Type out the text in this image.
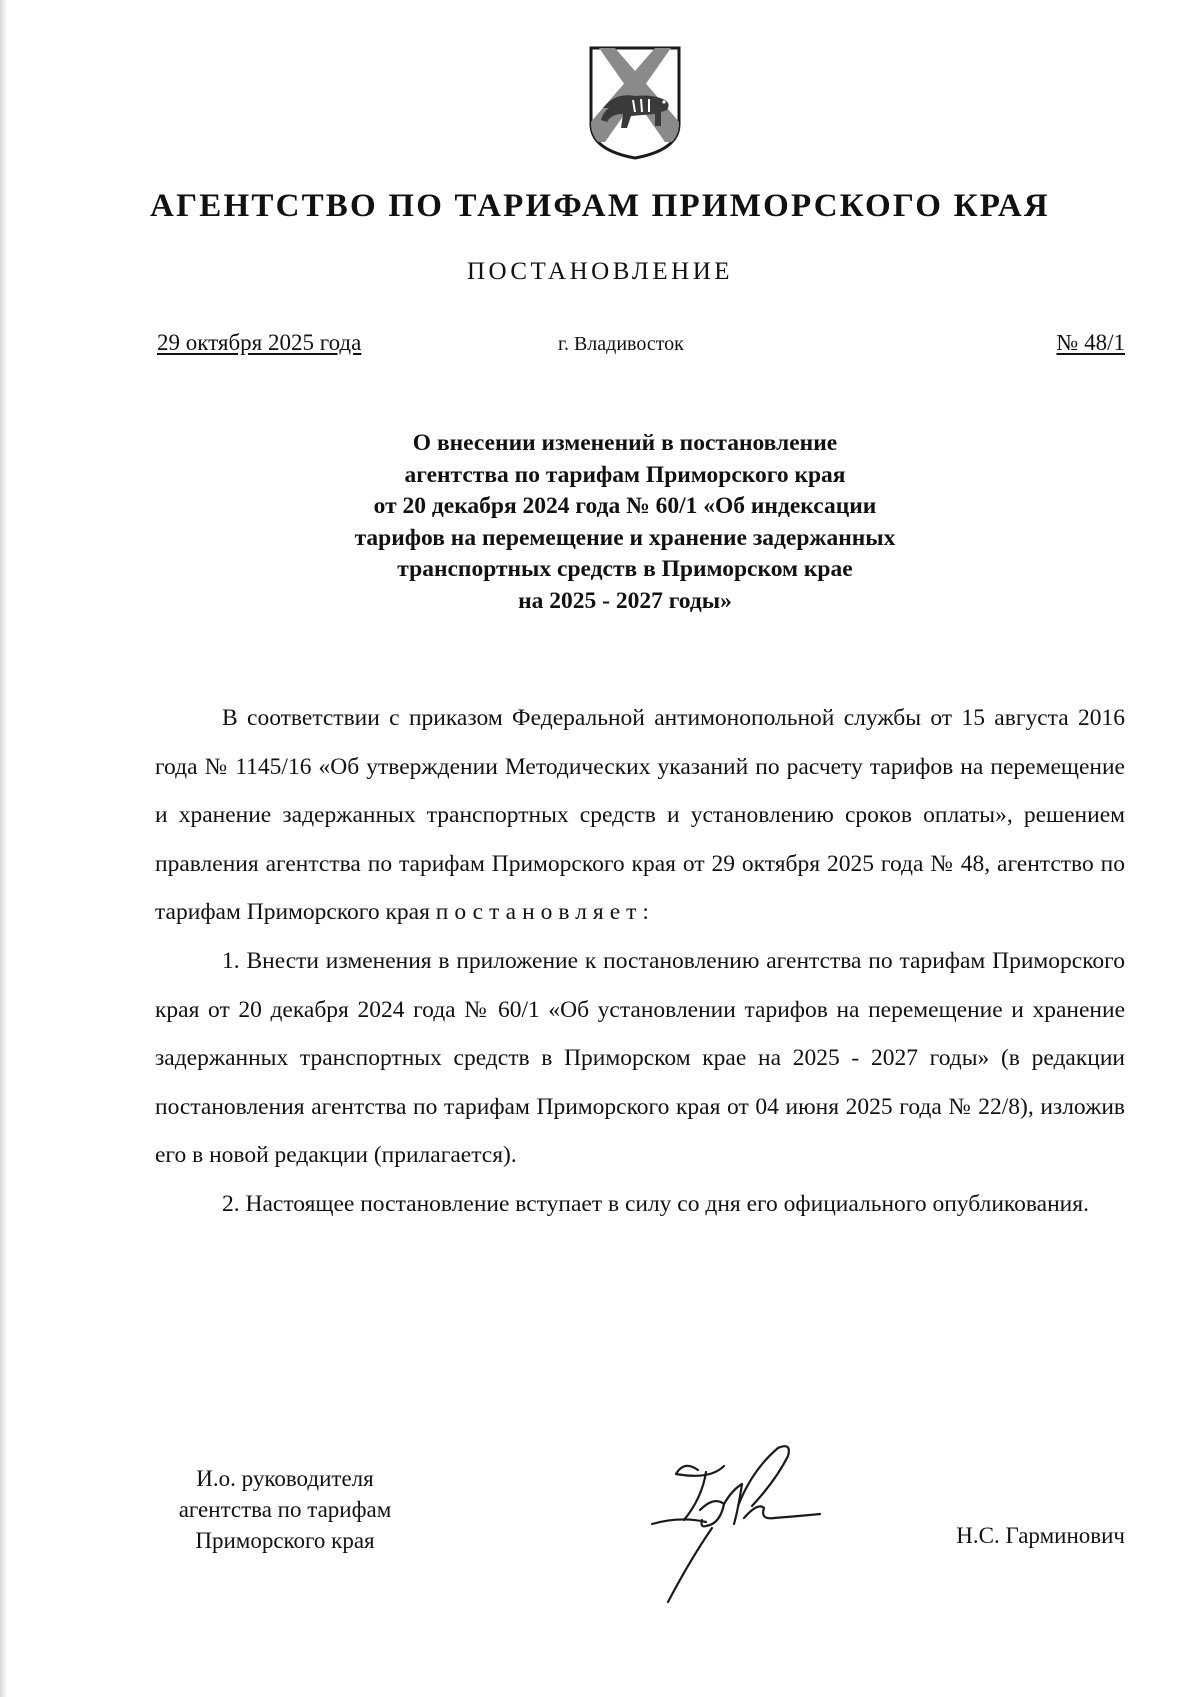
АГЕНТСТВО ПО ТАРИФАМ ПРИМОРСКОГО КРАЯ
ПОСТАНОВЛЕНИЕ
29 октября 2025 года	г. Владивосток	№ 48/1
О внесении изменений в постановление
агентства по тарифам Приморского края
от 20 декабря 2024 года № 60/1 «Об индексации
тарифов на перемещение и хранение задержанных
транспортных средств в Приморском крае
на 2025 - 2027 годы»

В соответствии с приказом Федеральной антимонопольной службы от 15 августа 2016 года № 1145/16 «Об утверждении Методических указаний по расчету тарифов на перемещение и хранение задержанных транспортных средств и установлению сроков оплаты», решением правления агентства по тарифам Приморского края от 29 октября 2025 года № 48, агентство по тарифам Приморского края постановляет:

1. Внести изменения в приложение к постановлению агентства по тарифам Приморского края от 20 декабря 2024 года № 60/1 «Об установлении тарифов на перемещение и хранение задержанных транспортных средств в Приморском крае на 2025 - 2027 годы» (в редакции постановления агентства по тарифам Приморского края от 04 июня 2025 года № 22/8), изложив его в новой редакции (прилагается).

2. Настоящее постановление вступает в силу со дня его официального опубликования.

И.о. руководителя
агентства по тарифам
Приморского края	Н.С. Гарминович
